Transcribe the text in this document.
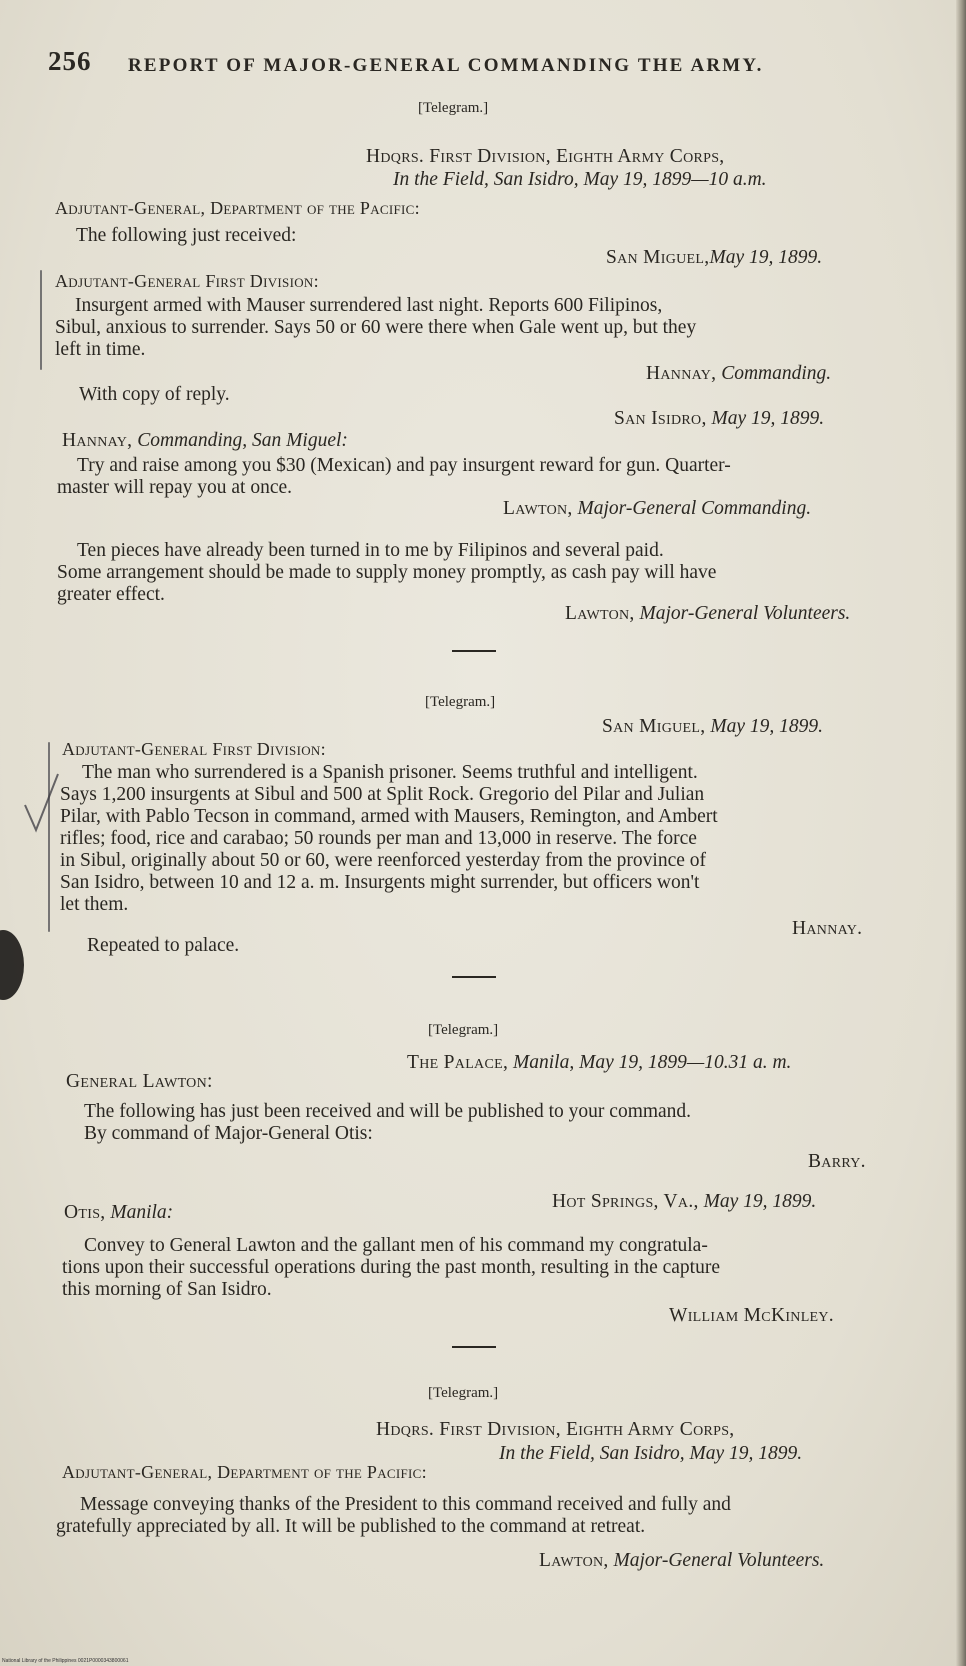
256 REPORT OF MAJOR-GENERAL COMMANDING THE ARMY.
[Telegram.]
Hdqrs. First Division, Eighth Army Corps,
In the Field, San Isidro, May 19, 1899—10 a.m.
Adjutant-General, Department of the Pacific:
The following just received:
San Miguel,May 19, 1899.
Adjutant-General First Division:
Insurgent armed with Mauser surrendered last night. Reports 600 Filipinos,
Sibul, anxious to surrender. Says 50 or 60 were there when Gale went up, but they
left in time.
Hannay, Commanding.
With copy of reply.
San Isidro, May 19, 1899.
Hannay, Commanding, San Miguel:
Try and raise among you $30 (Mexican) and pay insurgent reward for gun. Quarter-
master will repay you at once.
Lawton, Major-General Commanding.
Ten pieces have already been turned in to me by Filipinos and several paid.
Some arrangement should be made to supply money promptly, as cash pay will have
greater effect.
Lawton, Major-General Volunteers.
[Telegram.]
San Miguel, May 19, 1899.
Adjutant-General First Division:
The man who surrendered is a Spanish prisoner. Seems truthful and intelligent.
Says 1,200 insurgents at Sibul and 500 at Split Rock. Gregorio del Pilar and Julian
Pilar, with Pablo Tecson in command, armed with Mausers, Remington, and Ambert
rifles; food, rice and carabao; 50 rounds per man and 13,000 in reserve. The force
in Sibul, originally about 50 or 60, were reenforced yesterday from the province of
San Isidro, between 10 and 12 a. m. Insurgents might surrender, but officers won't
let them.
Hannay.
Repeated to palace.
[Telegram.]
The Palace, Manila, May 19, 1899—10.31 a. m.
General Lawton:
The following has just been received and will be published to your command.
By command of Major-General Otis:
Barry.
Hot Springs, Va., May 19, 1899.
Otis, Manila:
Convey to General Lawton and the gallant men of his command my congratula-
tions upon their successful operations during the past month, resulting in the capture
this morning of San Isidro.
William McKinley.
[Telegram.]
Hdqrs. First Division, Eighth Army Corps,
In the Field, San Isidro, May 19, 1899.
Adjutant-General, Department of the Pacific:
Message conveying thanks of the President to this command received and fully and
gratefully appreciated by all. It will be published to the command at retreat.
Lawton, Major-General Volunteers.
National Library of the Philippines 0021P0000343800061
